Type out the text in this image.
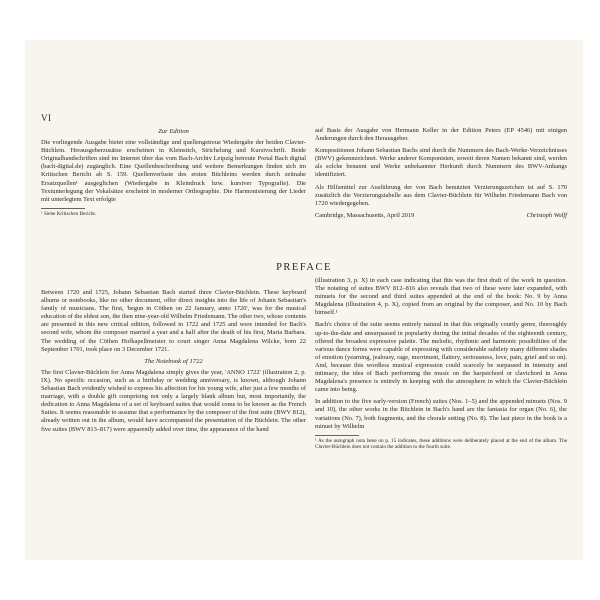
VI
Zur Edition

Die vorliegende Ausgabe bietet eine vollständige und quellengetreue Wiedergabe der beiden Clavier-Büchlein. Herausgeberzusätze erscheinen in Kleinstich, Strichelung und Kursivschrift. Beide Originalhandschriften sind im Internet über das vom Bach-Archiv Leipzig betreute Portal Bach digital (bach-digital.de) zugänglich. Eine Quellenbeschreibung und weitere Bemerkungen finden sich im Kritischen Bericht ab S. 159. Quellenverluste des ersten Büchleins werden durch zeitnahe Ersatzquellen¹ ausgeglichen (Wiedergabe in Kleindruck bzw. kursiver Typografie). Die Textunterlegung der Vokalsätze erscheint in moderner Orthographie. Die Harmonisierung der Lieder mit unterlegtem Text erfolgte

¹ Siehe Kritischen Bericht.

auf Basis der Ausgabe von Hermann Keller in der Edition Peters (EP 4546) mit einigen Änderungen durch den Herausgeber.

Kompositionen Johann Sebastian Bachs sind durch die Nummern des Bach-Werke-Verzeichnisses (BWV) gekennzeichnet. Werke anderer Komponisten, soweit deren Namen bekannt sind, werden als solche benannt und Werke unbekannter Herkunft durch Nummern des BWV-Anhangs identifiziert.

Als Hilfsmittel zur Ausführung der von Bach benutzten Verzierungszeichen ist auf S. 170 zusätzlich die Verzierungstabelle aus dem Clavier-Büchlein für Wilhelm Friedemann Bach von 1720 wiedergegeben.

Cambridge, Massachusetts, April 2019	Christoph Wolff
PREFACE

Between 1720 and 1725, Johann Sebastian Bach started three Clavier-Büchlein. These keyboard albums or notebooks, like no other document, offer direct insights into the life of Johann Sebastian's family of musicians. The first, 'begun in Cöthen on 22 January, anno 1720', was for the musical education of the eldest son, the then nine-year-old Wilhelm Friedemann. The other two, whose contents are presented in this new critical edition, followed in 1722 and 1725 and were intended for Bach's second wife, whom the composer married a year and a half after the death of his first, Maria Barbara. The wedding of the Cöthen Hofkapellmeister to court singer Anna Magdalena Wilcke, born 22 September 1701, took place on 3 December 1721.

The Notebook of 1722

The first Clavier-Büchlein for Anna Magdalena simply gives the year, 'ANNO 1722' (illustration 2, p. IX). No specific occasion, such as a birthday or wedding anniversary, is known, although Johann Sebastian Bach evidently wished to express his affection for his young wife, after just a few months of marriage, with a double gift comprising not only a largely blank album but, most importantly, the dedication to Anna Magdalena of a set of keyboard suites that would come to be known as the French Suites. It seems reasonable to assume that a performance by the composer of the first suite (BWV 812), already written out in the album, would have accompanied the presentation of the Büchlein. The other five suites (BWV 813–817) were apparently added over time, the appearance of the hand

(illustration 3, p. X) in each case indicating that this was the first draft of the work in question. The notating of suites BWV 812–816 also reveals that two of these were later expanded, with minuets for the second and third suites appended at the end of the book: No. 9 by Anna Magdalena (illustration 4, p. X), copied from an original by the composer, and No. 10 by Bach himself.¹

Bach's choice of the suite seems entirely natural in that this originally courtly genre, thoroughly up-to-the-date and unsurpassed in popularity during the initial decades of the eighteenth century, offered the broadest expressive palette. The melodic, rhythmic and harmonic possibilities of the various dance forms were capable of expressing with considerable subtlety many different shades of emotion (yearning, jealousy, rage, merriment, flattery, seriousness, love, pain, grief and so on). And, because this wordless musical expression could scarcely be surpassed in intensity and intimacy, the idea of Bach performing the music on the harpsichord or clavichord in Anna Magdalena's presence is entirely in keeping with the atmosphere in which the Clavier-Büchlein came into being.

In addition to the five early-version (French) suites (Nos. 1–5) and the appended minuets (Nos. 9 and 10), the other works in the Büchlein in Bach's hand are the fantasia for organ (No. 6), the variations (No. 7), both fragments, and the chorale setting (No. 8). The last piece in the book is a minuet by Wilhelm

¹ As the autograph nota bene on p. 15 indicates, these additions were deliberately placed at the end of the album. The Clavier-Büchlein does not contain the addition to the fourth suite.
